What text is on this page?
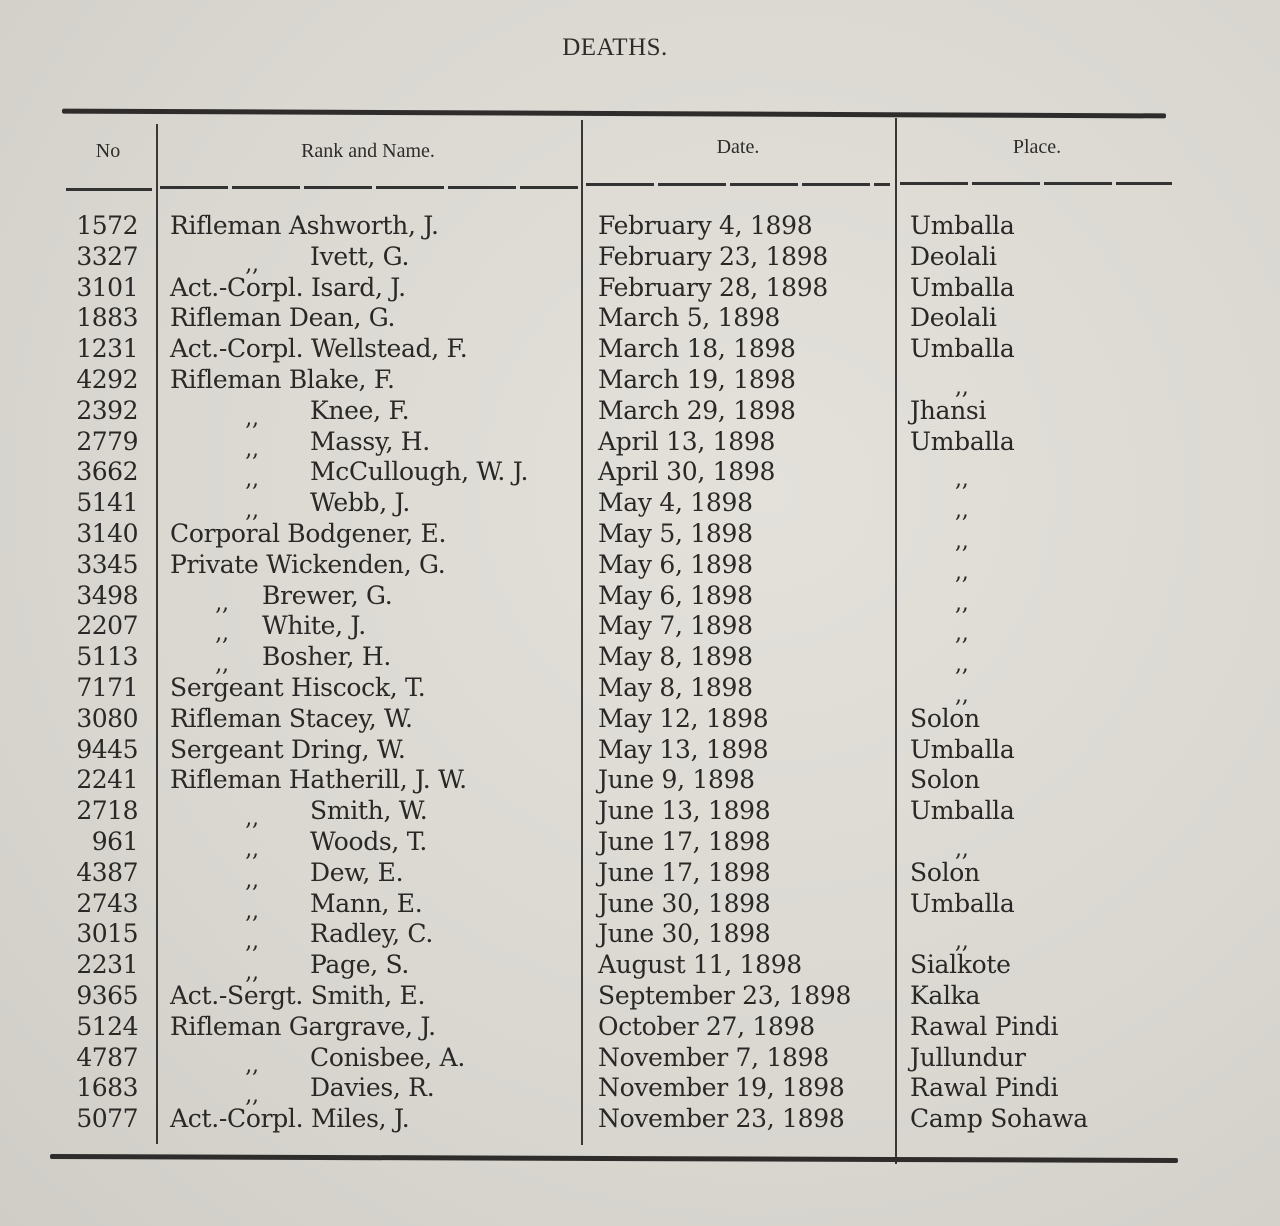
DEATHS.
No	Rank and Name.	Date.	Place.
1572 Rifleman Ashworth, J.	February 4, 1898	Umballa
3327	,, Ivett, G.	February 23, 1898	Deolali
3101 Act.-Corpl. Isard, J.	February 28, 1898	Umballa
1883 Rifleman Dean, G.	March 5, 1898	Deolali
1231 Act.-Corpl. Wellstead, F.	March 18, 1898	Umballa
4292 Rifleman Blake, F.	March 19, 1898	,,
2392	,, Knee, F.	March 29, 1898	Jhansi
2779	,, Massy, H.	April 13, 1898	Umballa
3662	,, McCullough, W. J.	April 30, 1898	,,
5141	,, Webb, J.	May 4, 1898	,,
3140 Corporal Bodgener, E.	May 5, 1898	,,
3345 Private Wickenden, G.	May 6, 1898	,,
3498	,, Brewer, G.	May 6, 1898	,,
2207	,, White, J.	May 7, 1898	,,
5113	,, Bosher, H.	May 8, 1898	,,
7171 Sergeant Hiscock, T.	May 8, 1898	,,
3080 Rifleman Stacey, W.	May 12, 1898	Solon
9445 Sergeant Dring, W.	May 13, 1898	Umballa
2241 Rifleman Hatherill, J. W.	June 9, 1898	Solon
2718	,, Smith, W.	June 13, 1898	Umballa
961	,, Woods, T.	June 17, 1898	,,
4387	,, Dew, E.	June 17, 1898	Solon
2743	,, Mann, E.	June 30, 1898	Umballa
3015	,, Radley, C.	June 30, 1898	,,
2231	,, Page, S.	August 11, 1898	Sialkote
9365 Act.-Sergt. Smith, E.	September 23, 1898 Kalka
5124 Rifleman Gargrave, J.	October 27, 1898	Rawal Pindi
4787	,, Conisbee, A.	November 7, 1898	Jullundur
1683	,, Davies, R.	November 19, 1898	Rawal Pindi
5077 Act.-Corpl. Miles, J.	November 23, 1898	Camp Sohawa
